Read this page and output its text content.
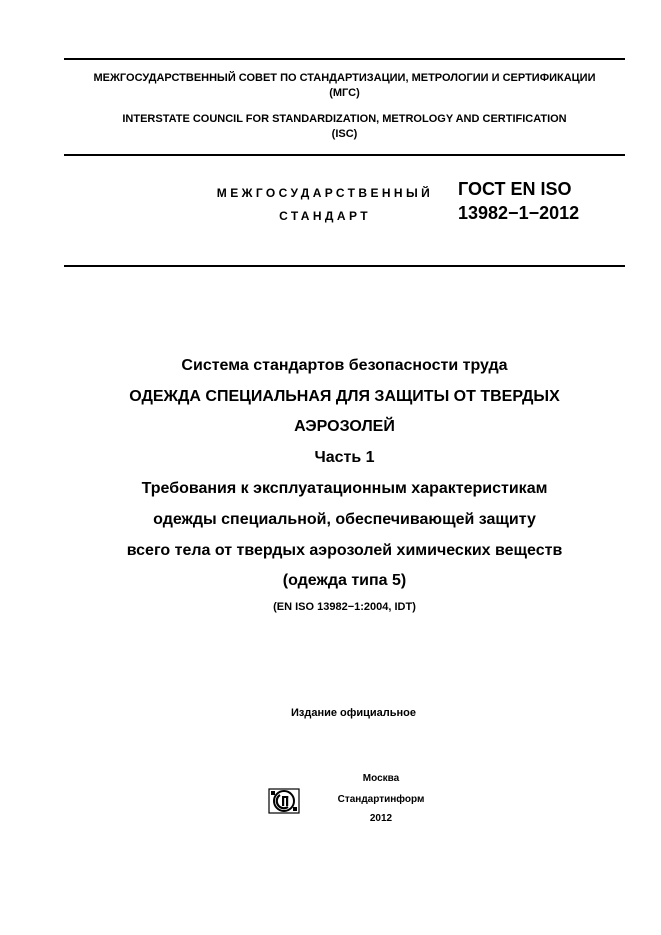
МЕЖГОСУДАРСТВЕННЫЙ СОВЕТ ПО СТАНДАРТИЗАЦИИ, МЕТРОЛОГИИ И СЕРТИФИКАЦИИ
(МГС)
INTERSTATE COUNCIL FOR STANDARDIZATION, METROLOGY AND CERTIFICATION
(ISC)
МЕЖГОСУДАРСТВЕННЫЙ
СТАНДАРТ
ГОСТ EN ISO
13982−1−2012
Система стандартов безопасности труда
ОДЕЖДА СПЕЦИАЛЬНАЯ ДЛЯ ЗАЩИТЫ ОТ ТВЕРДЫХ
АЭРОЗОЛЕЙ
Часть 1
Требования к эксплуатационным характеристикам
одежды специальной, обеспечивающей защиту
всего тела от твердых аэрозолей химических веществ
(одежда типа 5)
(EN ISO 13982−1:2004, IDT)
Издание официальное
Москва
Стандартинформ
2012
